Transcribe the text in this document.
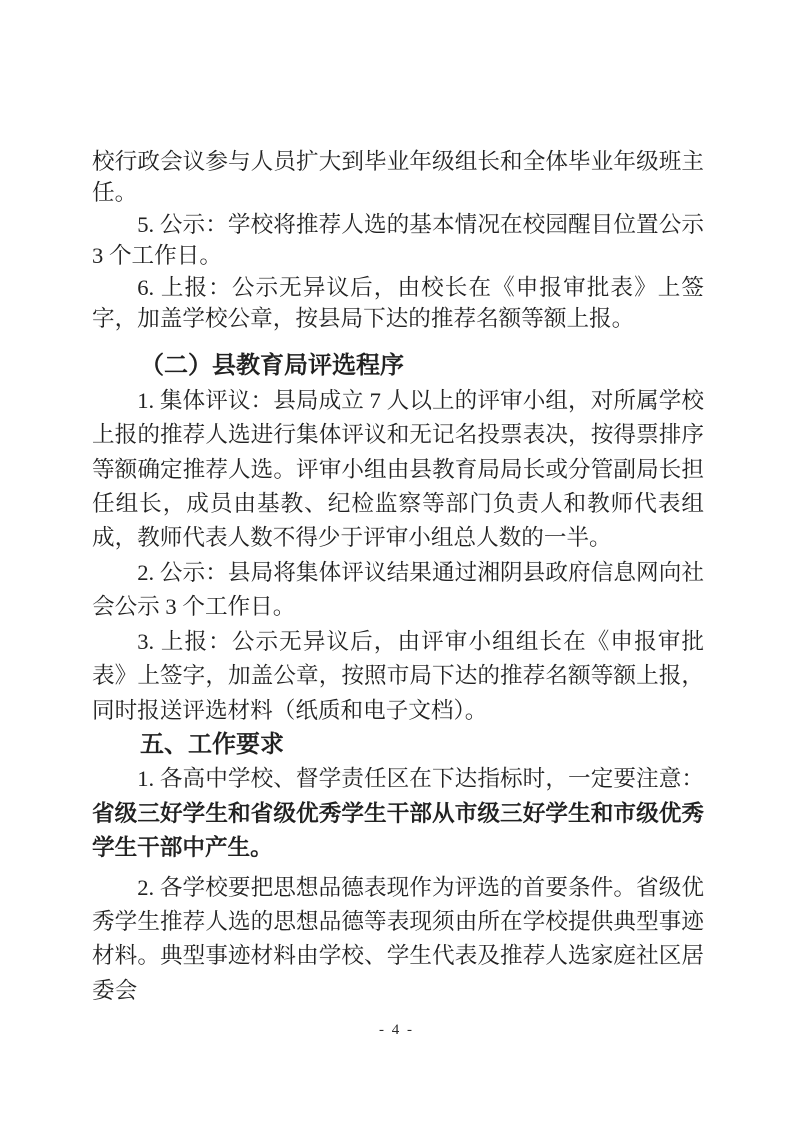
校行政会议参与人员扩大到毕业年级组长和全体毕业年级班主任。

5. 公示：学校将推荐人选的基本情况在校园醒目位置公示 3 个工作日。

6. 上报：公示无异议后，由校长在《申报审批表》上签字，加盖学校公章，按县局下达的推荐名额等额上报。

（二）县教育局评选程序

1. 集体评议：县局成立 7 人以上的评审小组，对所属学校上报的推荐人选进行集体评议和无记名投票表决，按得票排序等额确定推荐人选。评审小组由县教育局局长或分管副局长担任组长，成员由基教、纪检监察等部门负责人和教师代表组成，教师代表人数不得少于评审小组总人数的一半。

2. 公示：县局将集体评议结果通过湘阴县政府信息网向社会公示 3 个工作日。

3. 上报：公示无异议后，由评审小组组长在《申报审批表》上签字，加盖公章，按照市局下达的推荐名额等额上报，同时报送评选材料（纸质和电子文档）。

五、工作要求

1. 各高中学校、督学责任区在下达指标时，一定要注意：省级三好学生和省级优秀学生干部从市级三好学生和市级优秀学生干部中产生。

2. 各学校要把思想品德表现作为评选的首要条件。省级优秀学生推荐人选的思想品德等表现须由所在学校提供典型事迹材料。典型事迹材料由学校、学生代表及推荐人选家庭社区居委会

- 4 -
